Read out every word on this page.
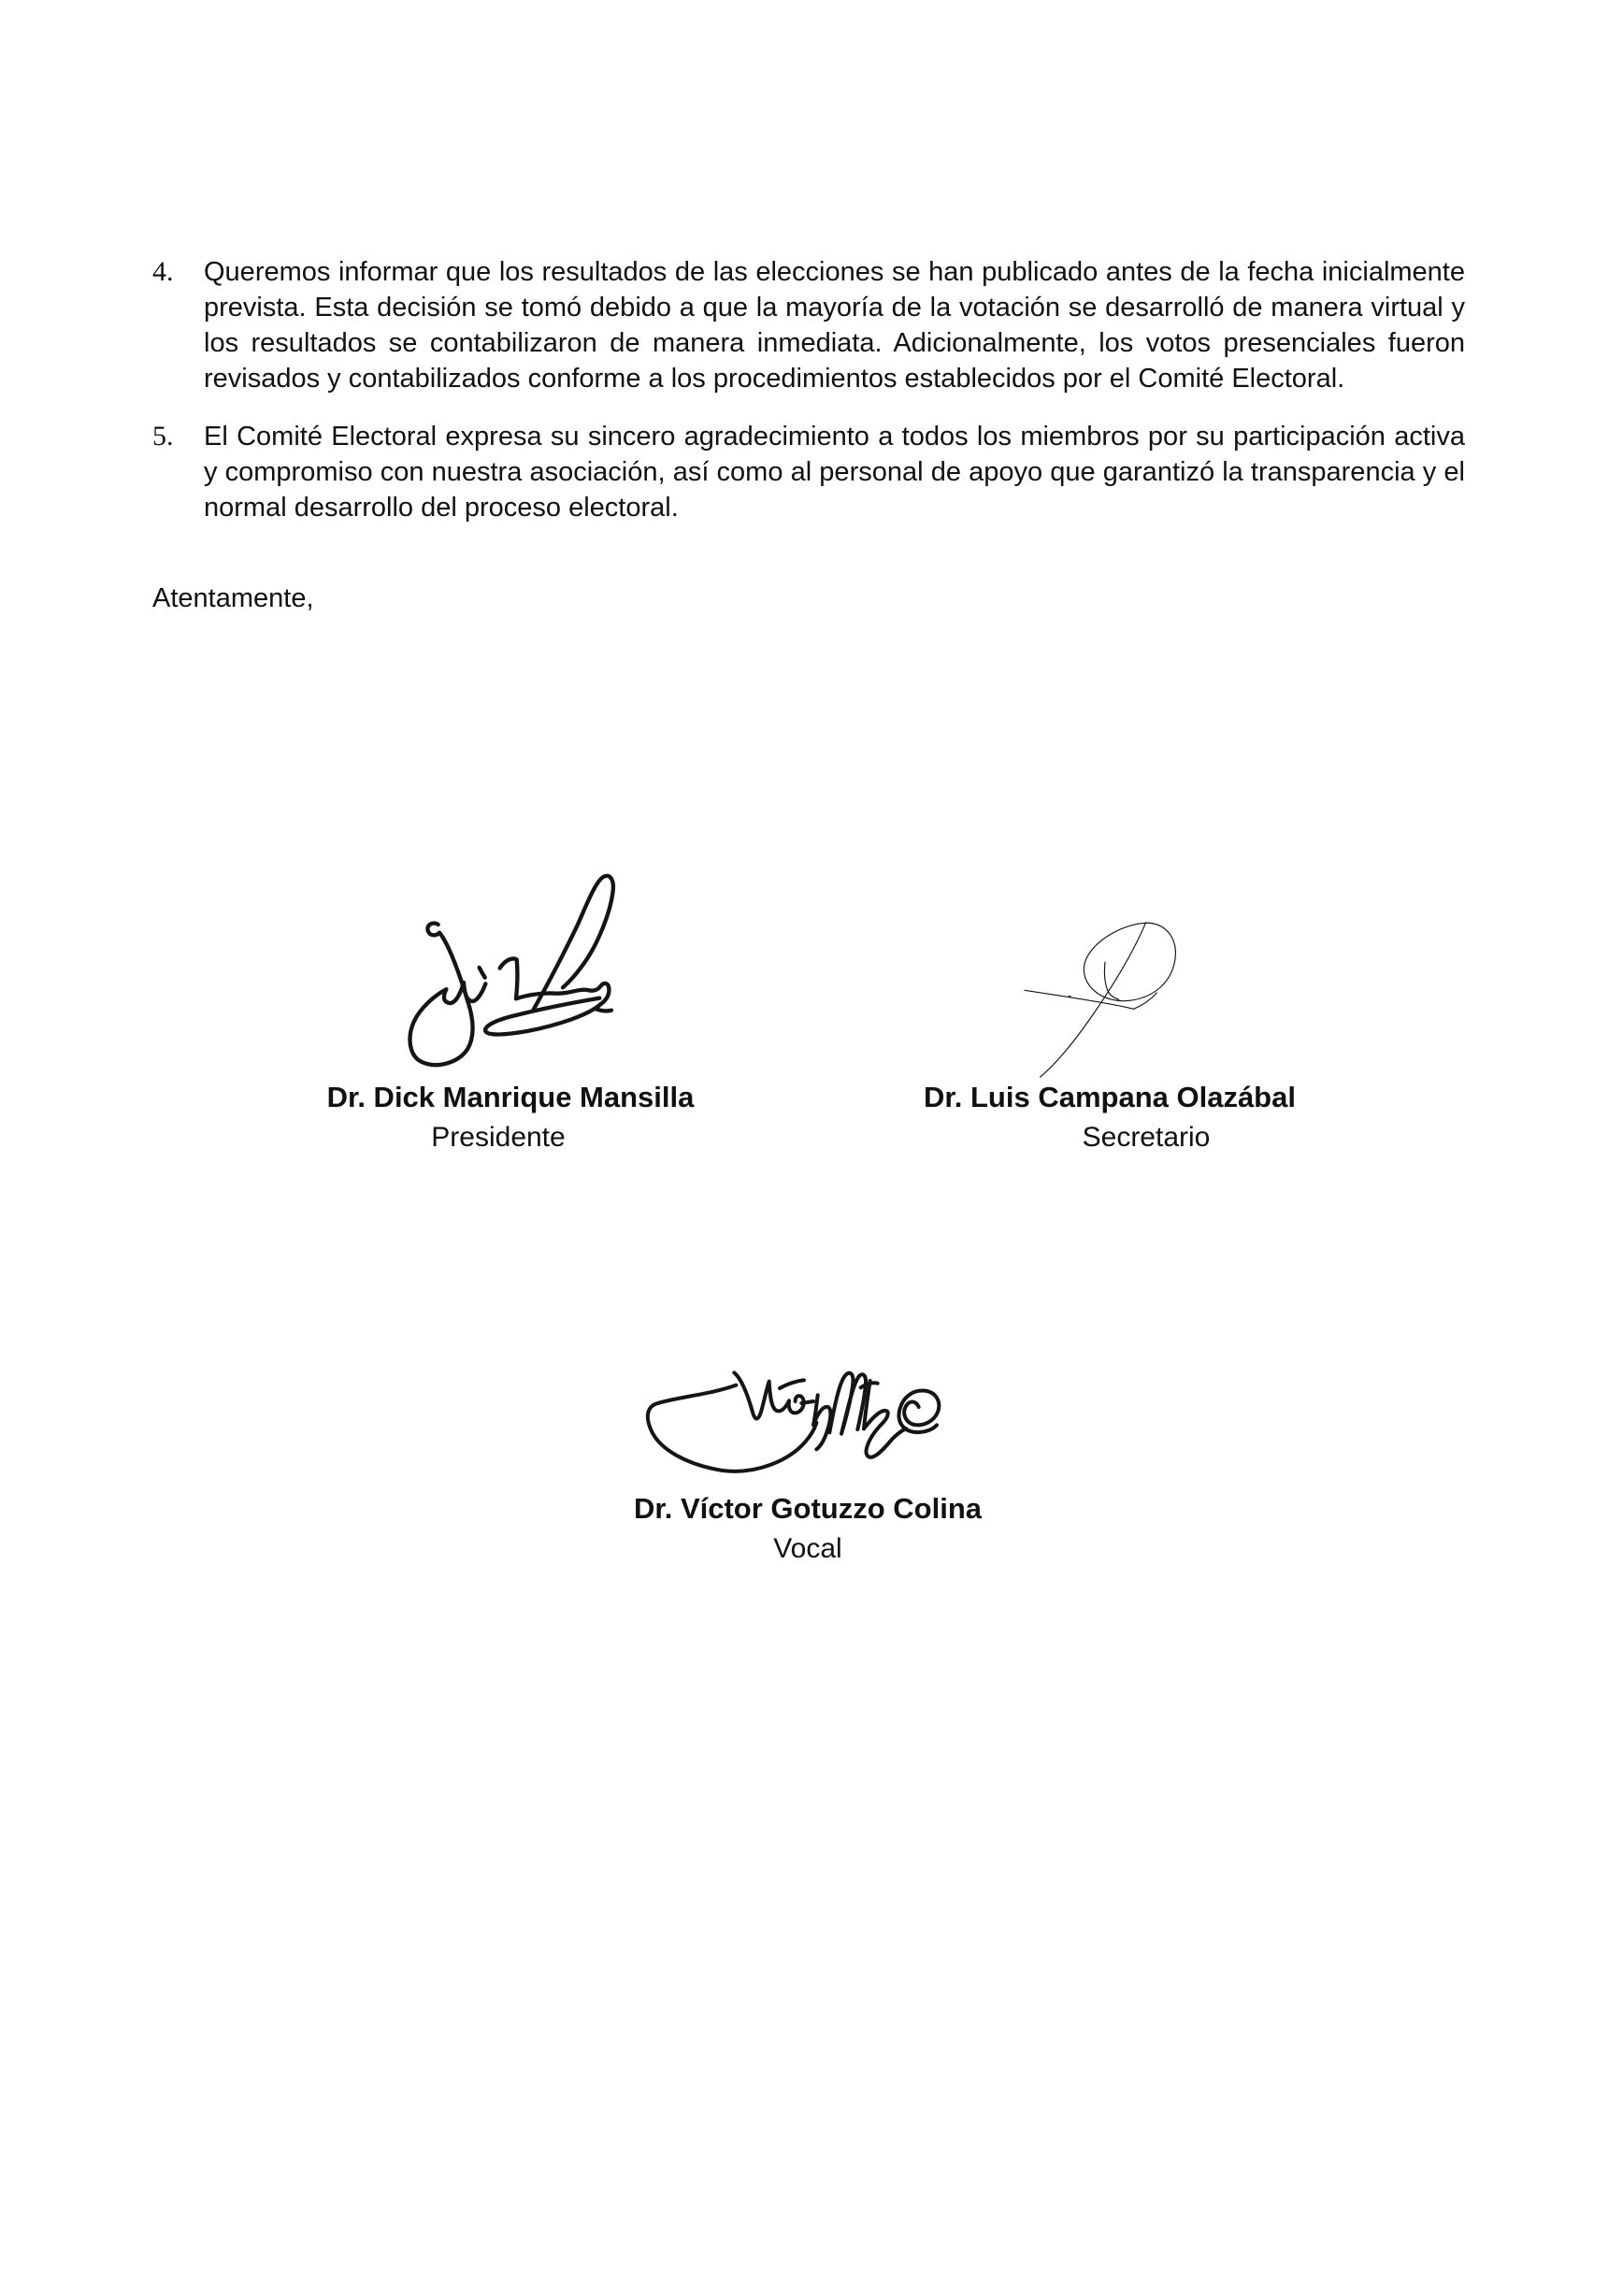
4. Queremos informar que los resultados de las elecciones se han publicado antes de la fecha inicialmente prevista. Esta decisión se tomó debido a que la mayoría de la votación se desarrolló de manera virtual y los resultados se contabilizaron de manera inmediata. Adicionalmente, los votos presenciales fueron revisados y contabilizados conforme a los procedimientos establecidos por el Comité Electoral.
5. El Comité Electoral expresa su sincero agradecimiento a todos los miembros por su participación activa y compromiso con nuestra asociación, así como al personal de apoyo que garantizó la transparencia y el normal desarrollo del proceso electoral.

Atentamente,

Dr. Dick Manrique Mansilla
Presidente
Dr. Luis Campana Olazábal
Secretario
Dr. Víctor Gotuzzo Colina
Vocal
